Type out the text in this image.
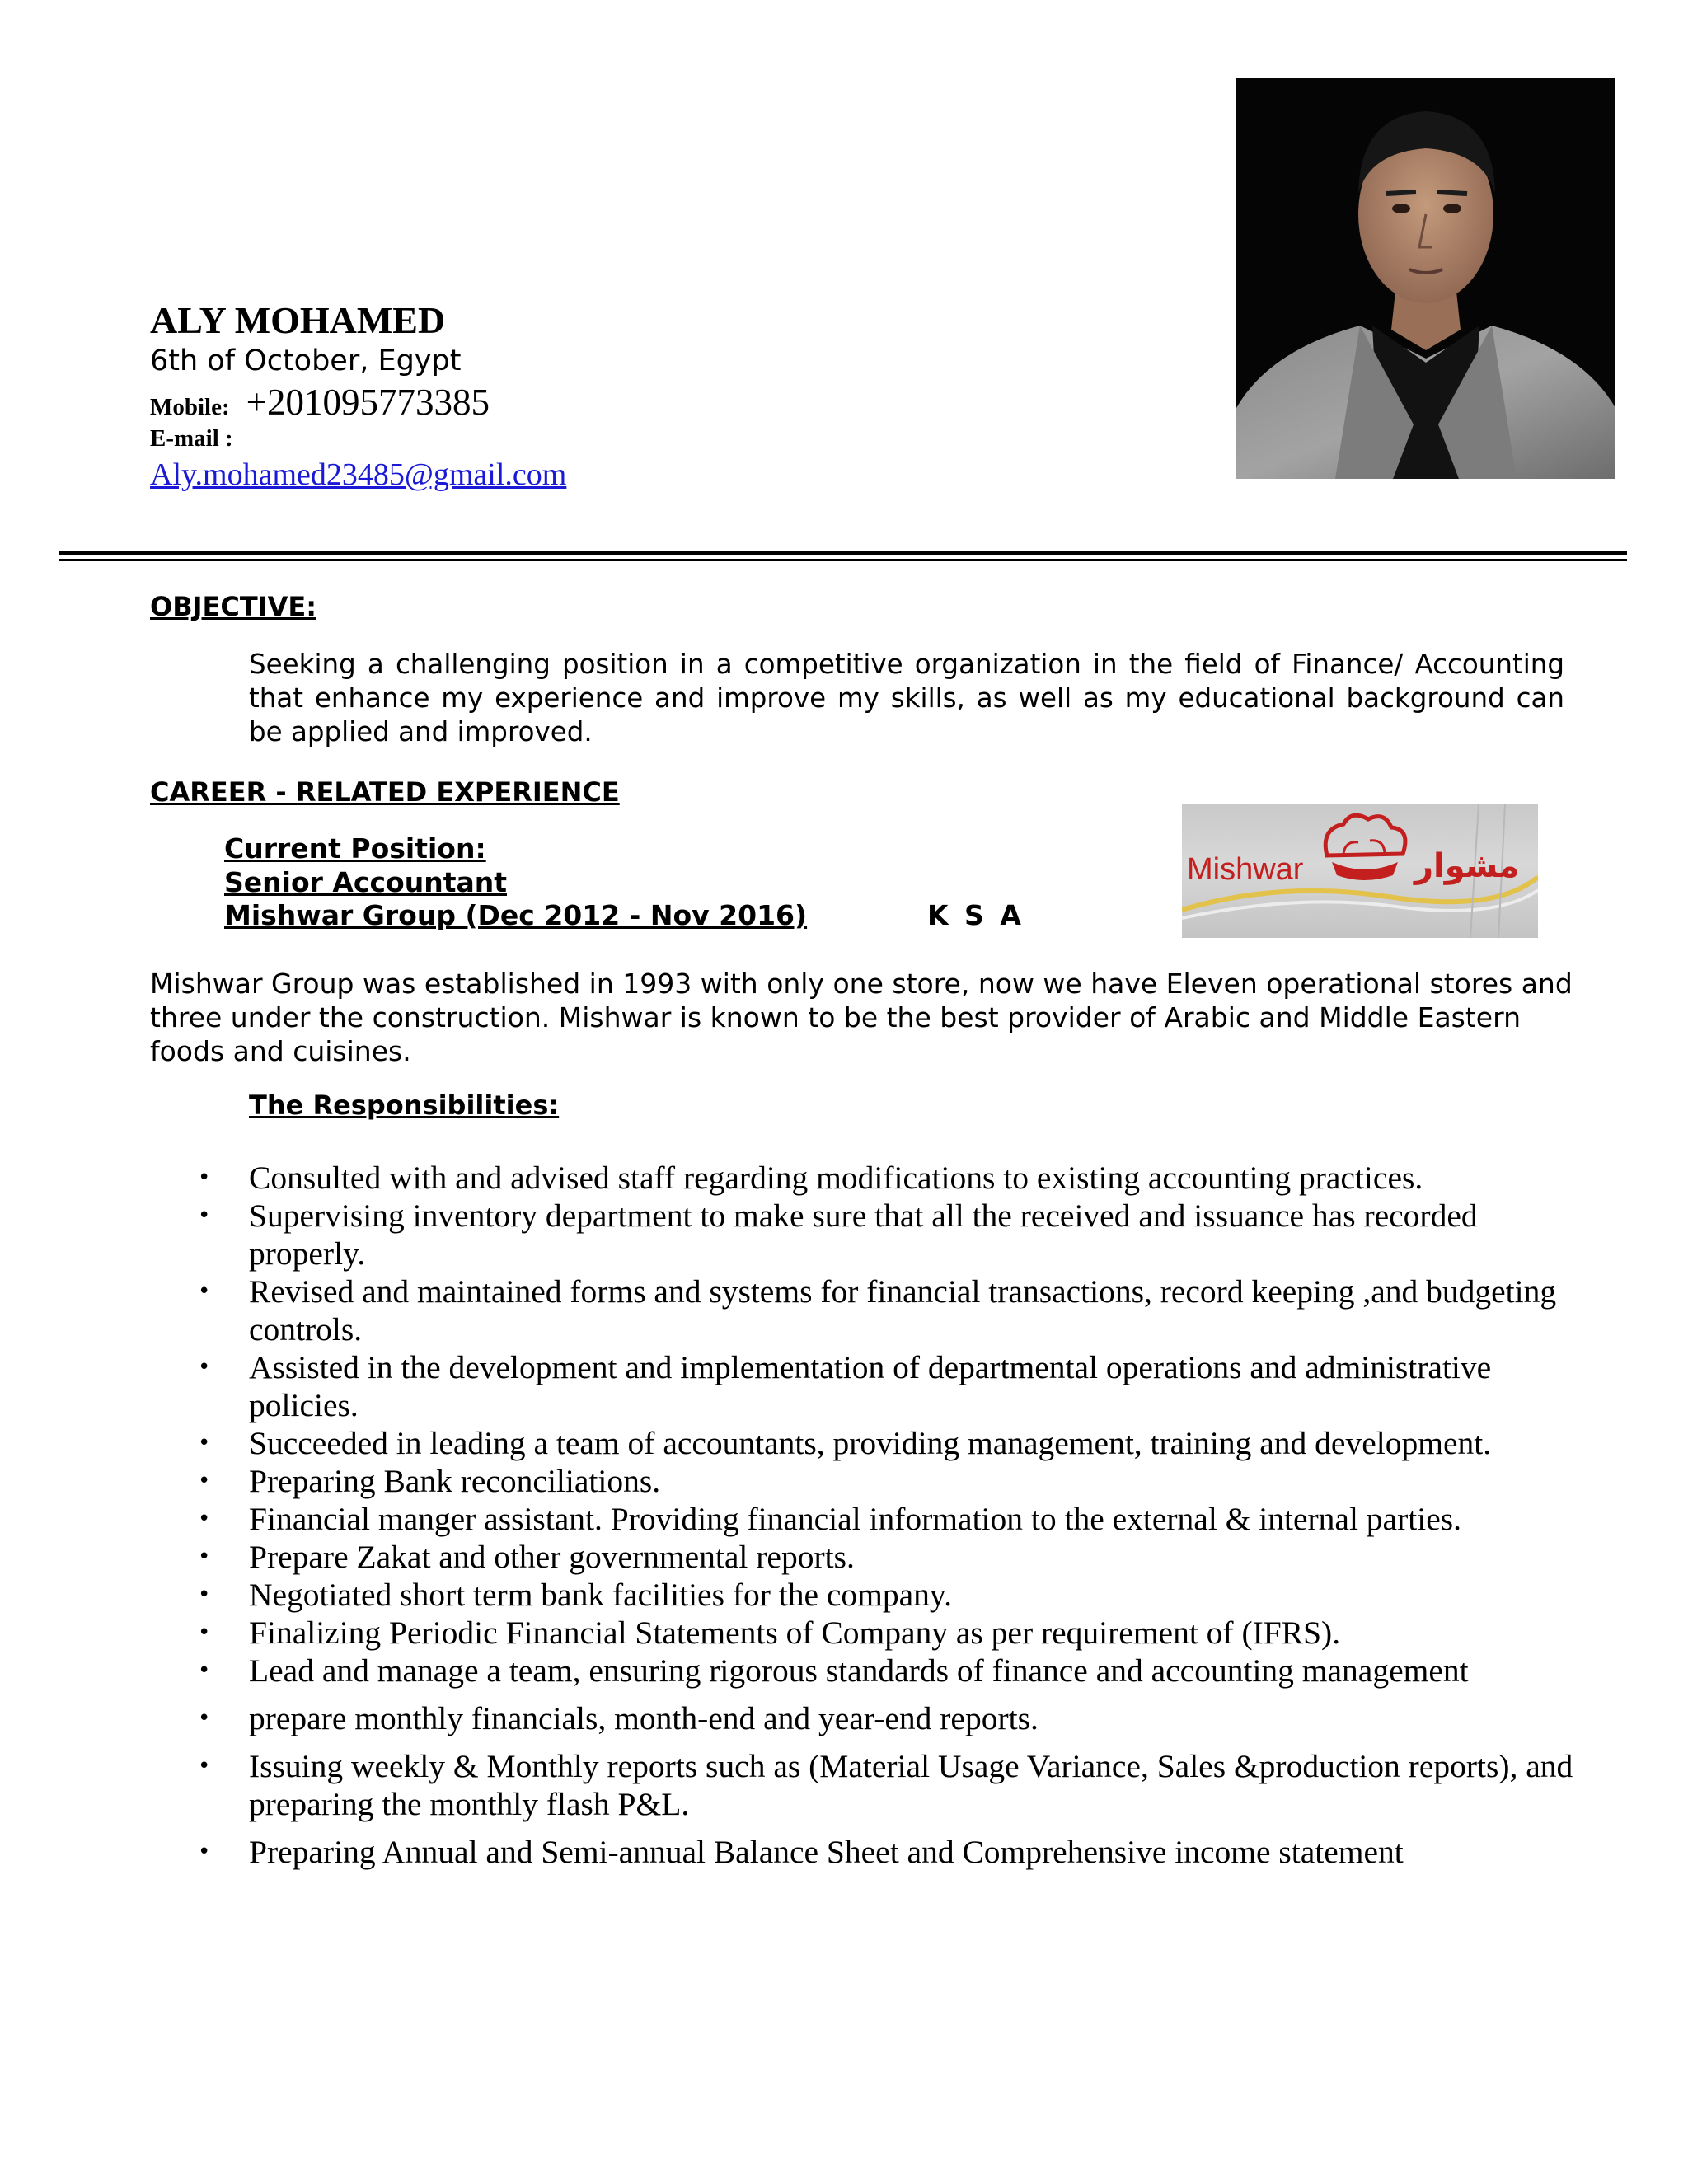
ALY MOHAMED
6th of October, Egypt
Mobile: +201095773385
E-mail :
Aly.mohamed23485@gmail.com
OBJECTIVE:
Seeking a challenging position in a competitive organization in the field of Finance/ Accounting that enhance my experience and improve my skills, as well as my educational background can be applied and improved.
CAREER - RELATED EXPERIENCE
Current Position:
Senior Accountant
Mishwar Group (Dec 2012 - Nov 2016)	K S A
Mishwar	مشوار
Mishwar Group was established in 1993 with only one store, now we have Eleven operational stores and three under the construction. Mishwar is known to be the best provider of Arabic and Middle Eastern foods and cuisines.
The Responsibilities:
• Consulted with and advised staff regarding modifications to existing accounting practices.
• Supervising inventory department to make sure that all the received and issuance has recorded properly.
• Revised and maintained forms and systems for financial transactions, record keeping ,and budgeting controls.
• Assisted in the development and implementation of departmental operations and administrative policies.
• Succeeded in leading a team of accountants, providing management, training and development.
• Preparing Bank reconciliations.
• Financial manger assistant. Providing financial information to the external & internal parties.
• Prepare Zakat and other governmental reports.
• Negotiated short term bank facilities for the company.
• Finalizing Periodic Financial Statements of Company as per requirement of (IFRS).
• Lead and manage a team, ensuring rigorous standards of finance and accounting management
• prepare monthly financials, month-end and year-end reports.
• Issuing weekly & Monthly reports such as (Material Usage Variance, Sales &production reports), and preparing the monthly flash P&L.
• Preparing Annual and Semi-annual Balance Sheet and Comprehensive income statement
